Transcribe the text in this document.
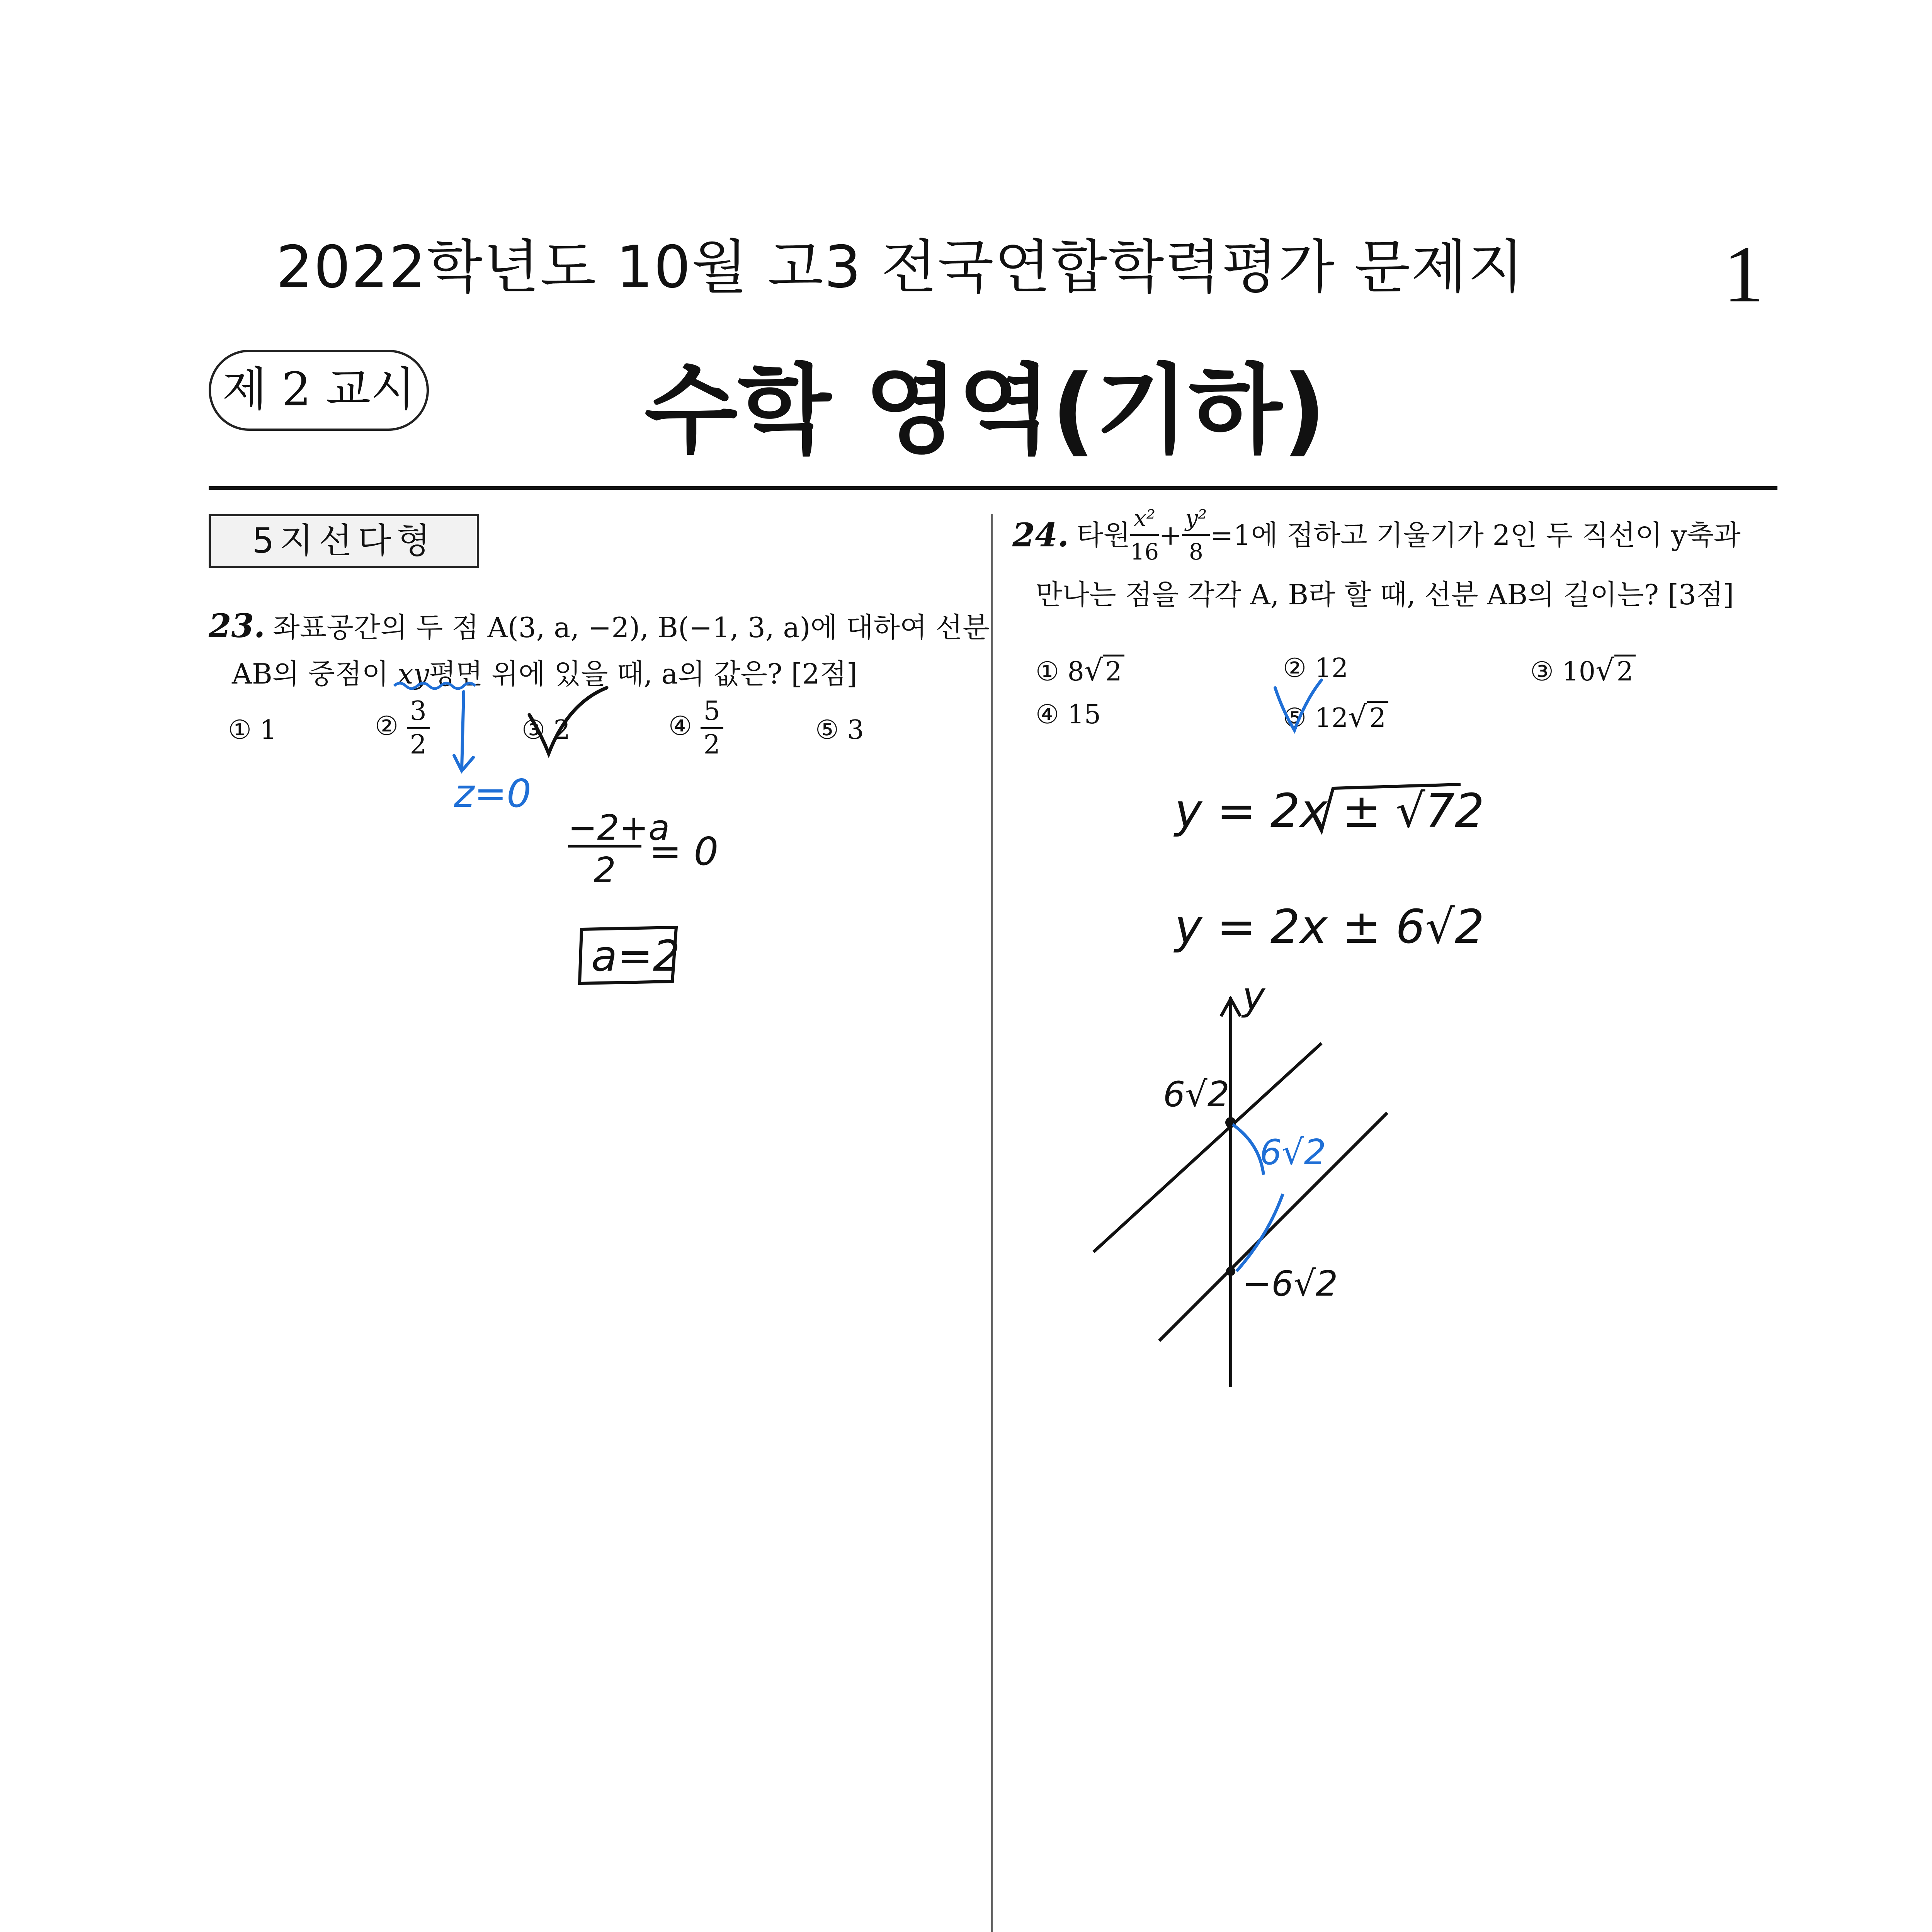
2022학년도 10월 고3 전국연합학력평가 문제지	1
제 2 교시	수학 영역(기하)
5지선다형
23. 좌표공간의 두 점 A(3, a, −2), B(−1, 3, a)에 대하여 선분
AB의 중점이 xy평면 위에 있을 때, a의 값은? [2점]
① 1	② $\frac{3}{2}$	③ 2	④ $\frac{5}{2}$	⑤ 3
24. 타원 $\frac{\text{x²}}{16} + \frac{\text{y²}}{8} =1$에 접하고 기울기가 2인 두 직선이 y축과
만나는 점을 각각 A, B라 할 때, 선분 AB의 길이는? [3점]
① 8√2	② 12	③ 10√2
④ 15	⑤ 12√2
z=0
−2+a
2 = 0
a=2
y = 2x ± √72
y = 2x ± 6√2
y
6√2
6√2
−6√2
